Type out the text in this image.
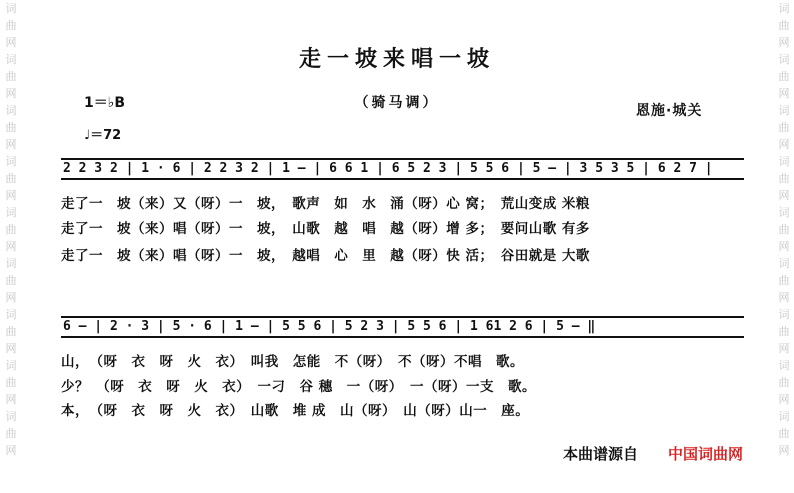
词
曲
网
词
曲
网
词
曲
网
词
曲
网
词
曲
网
词
曲
网
词
曲
网
词
曲
网
词
曲
网
词
曲
网
词
曲
网
词
曲
网
词
曲
网
词
曲
网
词
曲
网
词
曲
网
词
曲
网
词
曲
网
走一坡来唱一坡
1＝♭B	（骑马调）	恩施·城关
♩＝72
2 2 3 2 | 1 · 6 | 2 2 3 2 | 1 — | 6 6 1 | 6 5 2 3 | 5 5 6 | 5 — | 3 5 3 5 | 6 2 7 |
走了一　坡（来）又（呀）一　坡，　歌声　如　水　涌（呀）心 窝；　荒山变成 米粮
走了一　坡（来）唱（呀）一　坡，　山歌　越　唱　越（呀）增 多；　要问山歌 有多
走了一　坡（来）唱（呀）一　坡，　越唱　心　里　越（呀）快 活；　谷田就是 大歌
6 — | 2 · 3 | 5 · 6 | 1 — | 5 5 6 | 5 2 3 | 5 5 6 | 1 61 2 6 | 5 — ‖
山，　（呀　衣　呀　火　衣）　叫我　怎能　不（呀）　不（呀）不唱　歌。
少？　（呀　衣　呀　火　衣）　一刁　谷 穗　一（呀）　一（呀）一支　歌。
本，　（呀　衣　呀　火　衣）　山歌　堆 成　山（呀）　山（呀）山一　座。
本曲谱源自 中国词曲网
